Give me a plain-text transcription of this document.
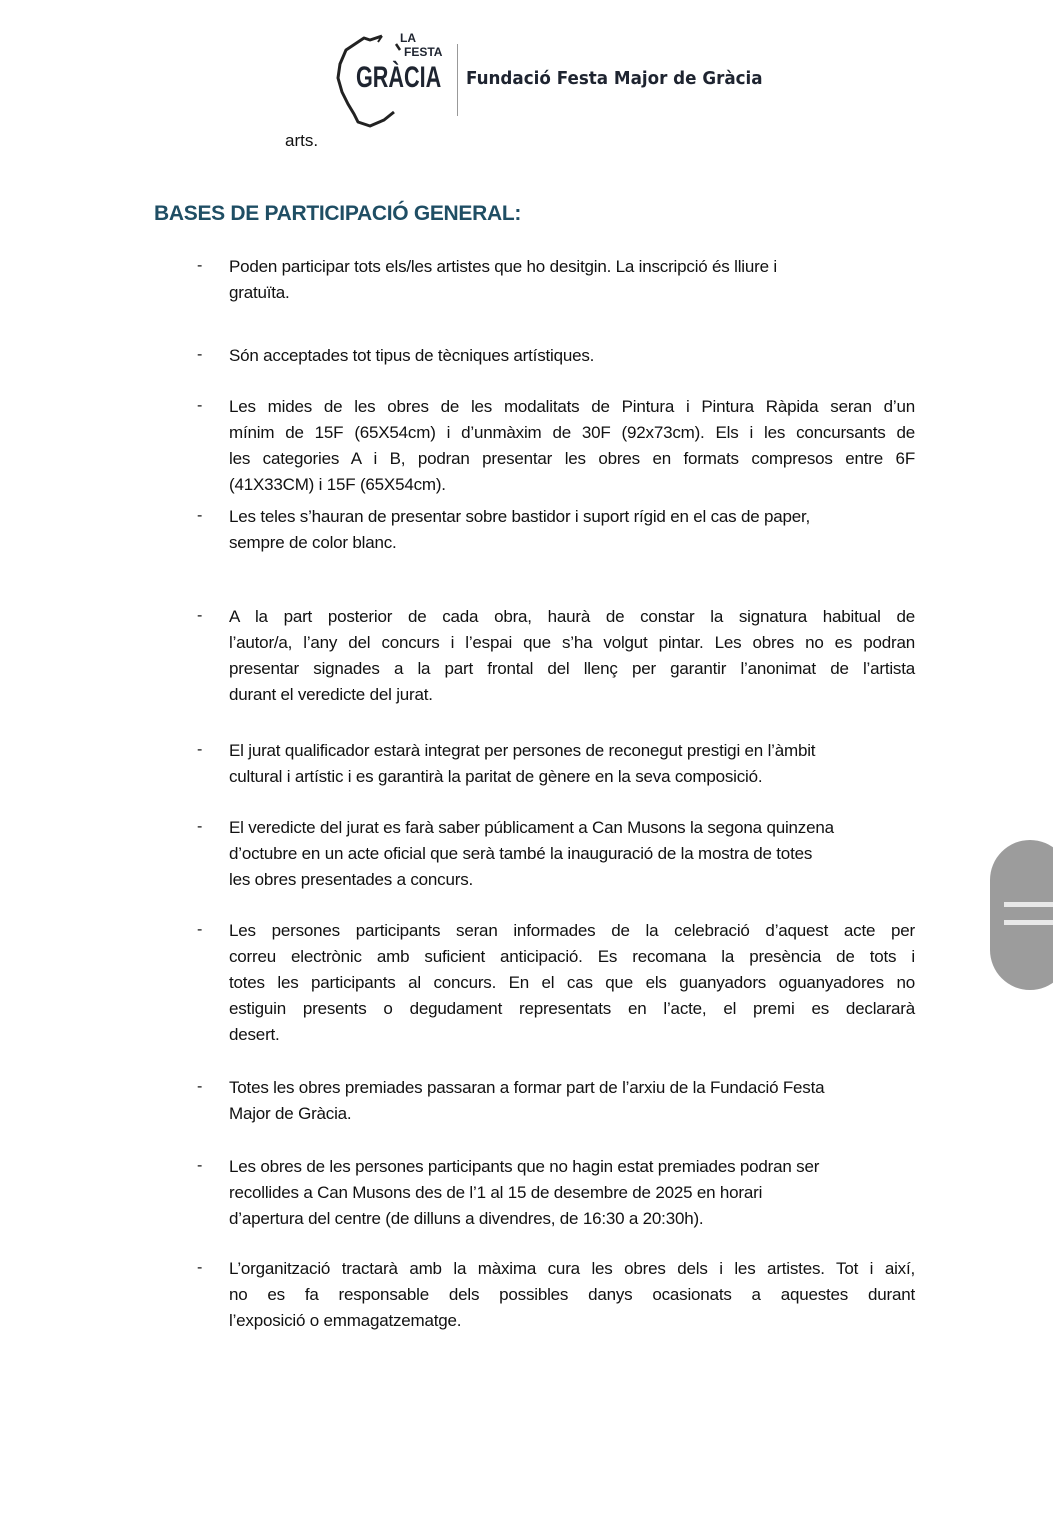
LA
FESTA
GRÀCIA Fundació Festa Major de Gràcia
arts.
BASES DE PARTICIPACIÓ GENERAL:
- Poden participar tots els/les artistes que ho desitgin. La inscripció és lliure i
gratuïta.
- Són acceptades tot tipus de tècniques artístiques.
- Les mides de les obres de les modalitats de Pintura i Pintura Ràpida seran d’un
mínim de 15F (65X54cm) i d’unmàxim de 30F (92x73cm). Els i les concursants de
les categories A i B, podran presentar les obres en formats compresos entre 6F
(41X33CM) i 15F (65X54cm).
- Les teles s’hauran de presentar sobre bastidor i suport rígid en el cas de paper,
sempre de color blanc.
- A la part posterior de cada obra, haurà de constar la signatura habitual de
l’autor/a, l’any del concurs i l’espai que s’ha volgut pintar. Les obres no es podran
presentar signades a la part frontal del llenç per garantir l’anonimat de l’artista
durant el veredicte del jurat.
- El jurat qualificador estarà integrat per persones de reconegut prestigi en l’àmbit
cultural i artístic i es garantirà la paritat de gènere en la seva composició.
- El veredicte del jurat es farà saber públicament a Can Musons la segona quinzena
d’octubre en un acte oficial que serà també la inauguració de la mostra de totes
les obres presentades a concurs.
- Les persones participants seran informades de la celebració d’aquest acte per
correu electrònic amb suficient anticipació. Es recomana la presència de tots i
totes les participants al concurs. En el cas que els guanyadors oguanyadores no
estiguin presents o degudament representats en l’acte, el premi es declararà
desert.
- Totes les obres premiades passaran a formar part de l’arxiu de la Fundació Festa
Major de Gràcia.
- Les obres de les persones participants que no hagin estat premiades podran ser
recollides a Can Musons des de l’1 al 15 de desembre de 2025 en horari
d’apertura del centre (de dilluns a divendres, de 16:30 a 20:30h).
- L’organització tractarà amb la màxima cura les obres dels i les artistes. Tot i així,
no es fa responsable dels possibles danys ocasionats a aquestes durant
l’exposició o emmagatzematge.
